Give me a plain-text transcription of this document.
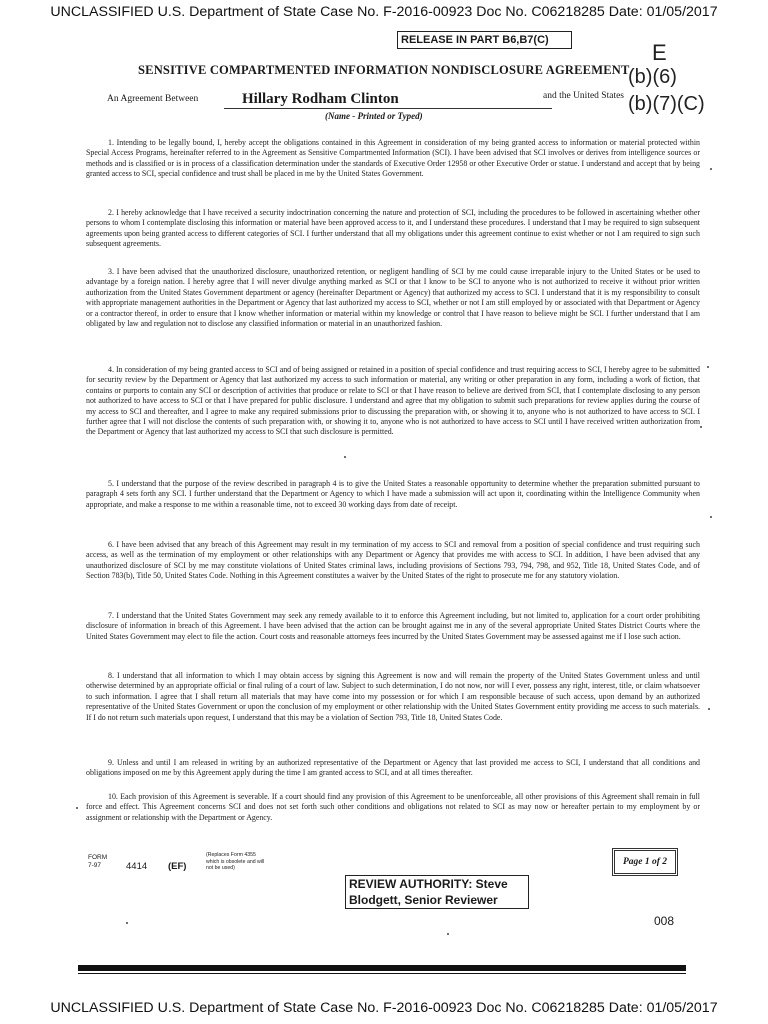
UNCLASSIFIED U.S. Department of State Case No. F-2016-00923 Doc No. C06218285 Date: 01/05/2017
RELEASE IN PART B6,B7(C)	E
(b)(6)
(b)(7)(C)
SENSITIVE COMPARTMENTED INFORMATION NONDISCLOSURE AGREEMENT
An Agreement Between	Hillary Rodham Clinton
(Name - Printed or Typed)
and the United States

1. Intending to be legally bound, I, hereby accept the obligations contained in this Agreement in consideration of my being granted access to information or material protected within Special Access Programs, hereinafter referred to in the Agreement as Sensitive Compartmented Information (SCI). I have been advised that SCI involves or derives from intelligence sources or methods and is classified or is in process of a classification determination under the standards of Executive Order 12958 or other Executive Order or statue. I understand and accept that by being granted access to SCI, special confidence and trust shall be placed in me by the United States Government.

2. I hereby acknowledge that I have received a security indoctrination concerning the nature and protection of SCI, including the procedures to be followed in ascertaining whether other persons to whom I contemplate disclosing this information or material have been approved access to it, and I understand these procedures. I understand that I may be required to sign subsequent agreements upon being granted access to different categories of SCI. I further understand that all my obligations under this agreement continue to exist whether or not I am required to sign such subsequent agreements.

3. I have been advised that the unauthorized disclosure, unauthorized retention, or negligent handling of SCI by me could cause irreparable injury to the United States or be used to advantage by a foreign nation. I hereby agree that I will never divulge anything marked as SCI or that I know to be SCI to anyone who is not authorized to receive it without prior written authorization from the United States Government department or agency (hereinafter Department or Agency) that authorized my access to SCI. I understand that it is my responsibility to consult with appropriate management authorities in the Department or Agency that last authorized my access to SCI, whether or not I am still employed by or associated with that Department or Agency or a contractor thereof, in order to ensure that I know whether information or material within my knowledge or control that I have reason to believe might be SCI. I further understand that I am obligated by law and regulation not to disclose any classified information or material in an unauthorized fashion.

4. In consideration of my being granted access to SCI and of being assigned or retained in a position of special confidence and trust requiring access to SCI, I hereby agree to be submitted for security review by the Department or Agency that last authorized my access to such information or material, any writing or other preparation in any form, including a work of fiction, that contains or purports to contain any SCI or description of activities that produce or relate to SCI or that I have reason to believe are derived from SCI, that I contemplate disclosing to any person not authorized to have access to SCI or that I have prepared for public disclosure. I understand and agree that my obligation to submit such preparations for review applies during the course of my access to SCI and thereafter, and I agree to make any required submissions prior to discussing the preparation with, or showing it to, anyone who is not authorized to have access to SCI. I further agree that I will not disclose the contents of such preparation with, or showing it to, anyone who is not authorized to have access to SCI until I have received written authorization from the Department or Agency that last authorized my access to SCI that such disclosure is permitted.

5. I understand that the purpose of the review described in paragraph 4 is to give the United States a reasonable opportunity to determine whether the preparation submitted pursuant to paragraph 4 sets forth any SCI. I further understand that the Department or Agency to which I have made a submission will act upon it, coordinating within the Intelligence Community when appropriate, and make a response to me within a reasonable time, not to exceed 30 working days from date of receipt.

6. I have been advised that any breach of this Agreement may result in my termination of my access to SCI and removal from a position of special confidence and trust requiring such access, as well as the termination of my employment or other relationships with any Department or Agency that provides me with access to SCI. In addition, I have been advised that any unauthorized disclosure of SCI by me may constitute violations of United States criminal laws, including provisions of Sections 793, 794, 798, and 952, Title 18, United States Code, and of Section 783(b), Title 50, United States Code. Nothing in this Agreement constitutes a waiver by the United States of the right to prosecute me for any statutory violation.

7. I understand that the United States Government may seek any remedy available to it to enforce this Agreement including, but not limited to, application for a court order prohibiting disclosure of information in breach of this Agreement. I have been advised that the action can be brought against me in any of the several appropriate United States District Courts where the United States Government may elect to file the action. Court costs and reasonable attorneys fees incurred by the United States Government may be assessed against me if I lose such action.

8. I understand that all information to which I may obtain access by signing this Agreement is now and will remain the property of the United States Government unless and until otherwise determined by an appropriate official or final ruling of a court of law. Subject to such determination, I do not now, nor will I ever, possess any right, interest, title, or claim whatsoever to such information. I agree that I shall return all materials that may have come into my possession or for which I am responsible because of such access, upon demand by an authorized representative of the United States Government or upon the conclusion of my employment or other relationship with the United States Government entity providing me access to such materials. If I do not return such materials upon request, I understand that this may be a violation of Section 793, Title 18, United States Code.

9. Unless and until I am released in writing by an authorized representative of the Department or Agency that last provided me access to SCI, I understand that all conditions and obligations imposed on me by this Agreement apply during the time I am granted access to SCI, and at all times thereafter.

10. Each provision of this Agreement is severable. If a court should find any provision of this Agreement to be unenforceable, all other provisions of this Agreement shall remain in full force and effect. This Agreement concerns SCI and does not set forth such other conditions and obligations not related to SCI as may now or hereafter pertain to my employment by or assignment or relationship with the Department or Agency.

FORM 7-97	4414 (EF)
(Replaces Form 4355 which is obsolete and will not be used)
Page 1 of 2
REVIEW AUTHORITY: Steve Blodgett, Senior Reviewer
008
UNCLASSIFIED U.S. Department of State Case No. F-2016-00923 Doc No. C06218285 Date: 01/05/2017
